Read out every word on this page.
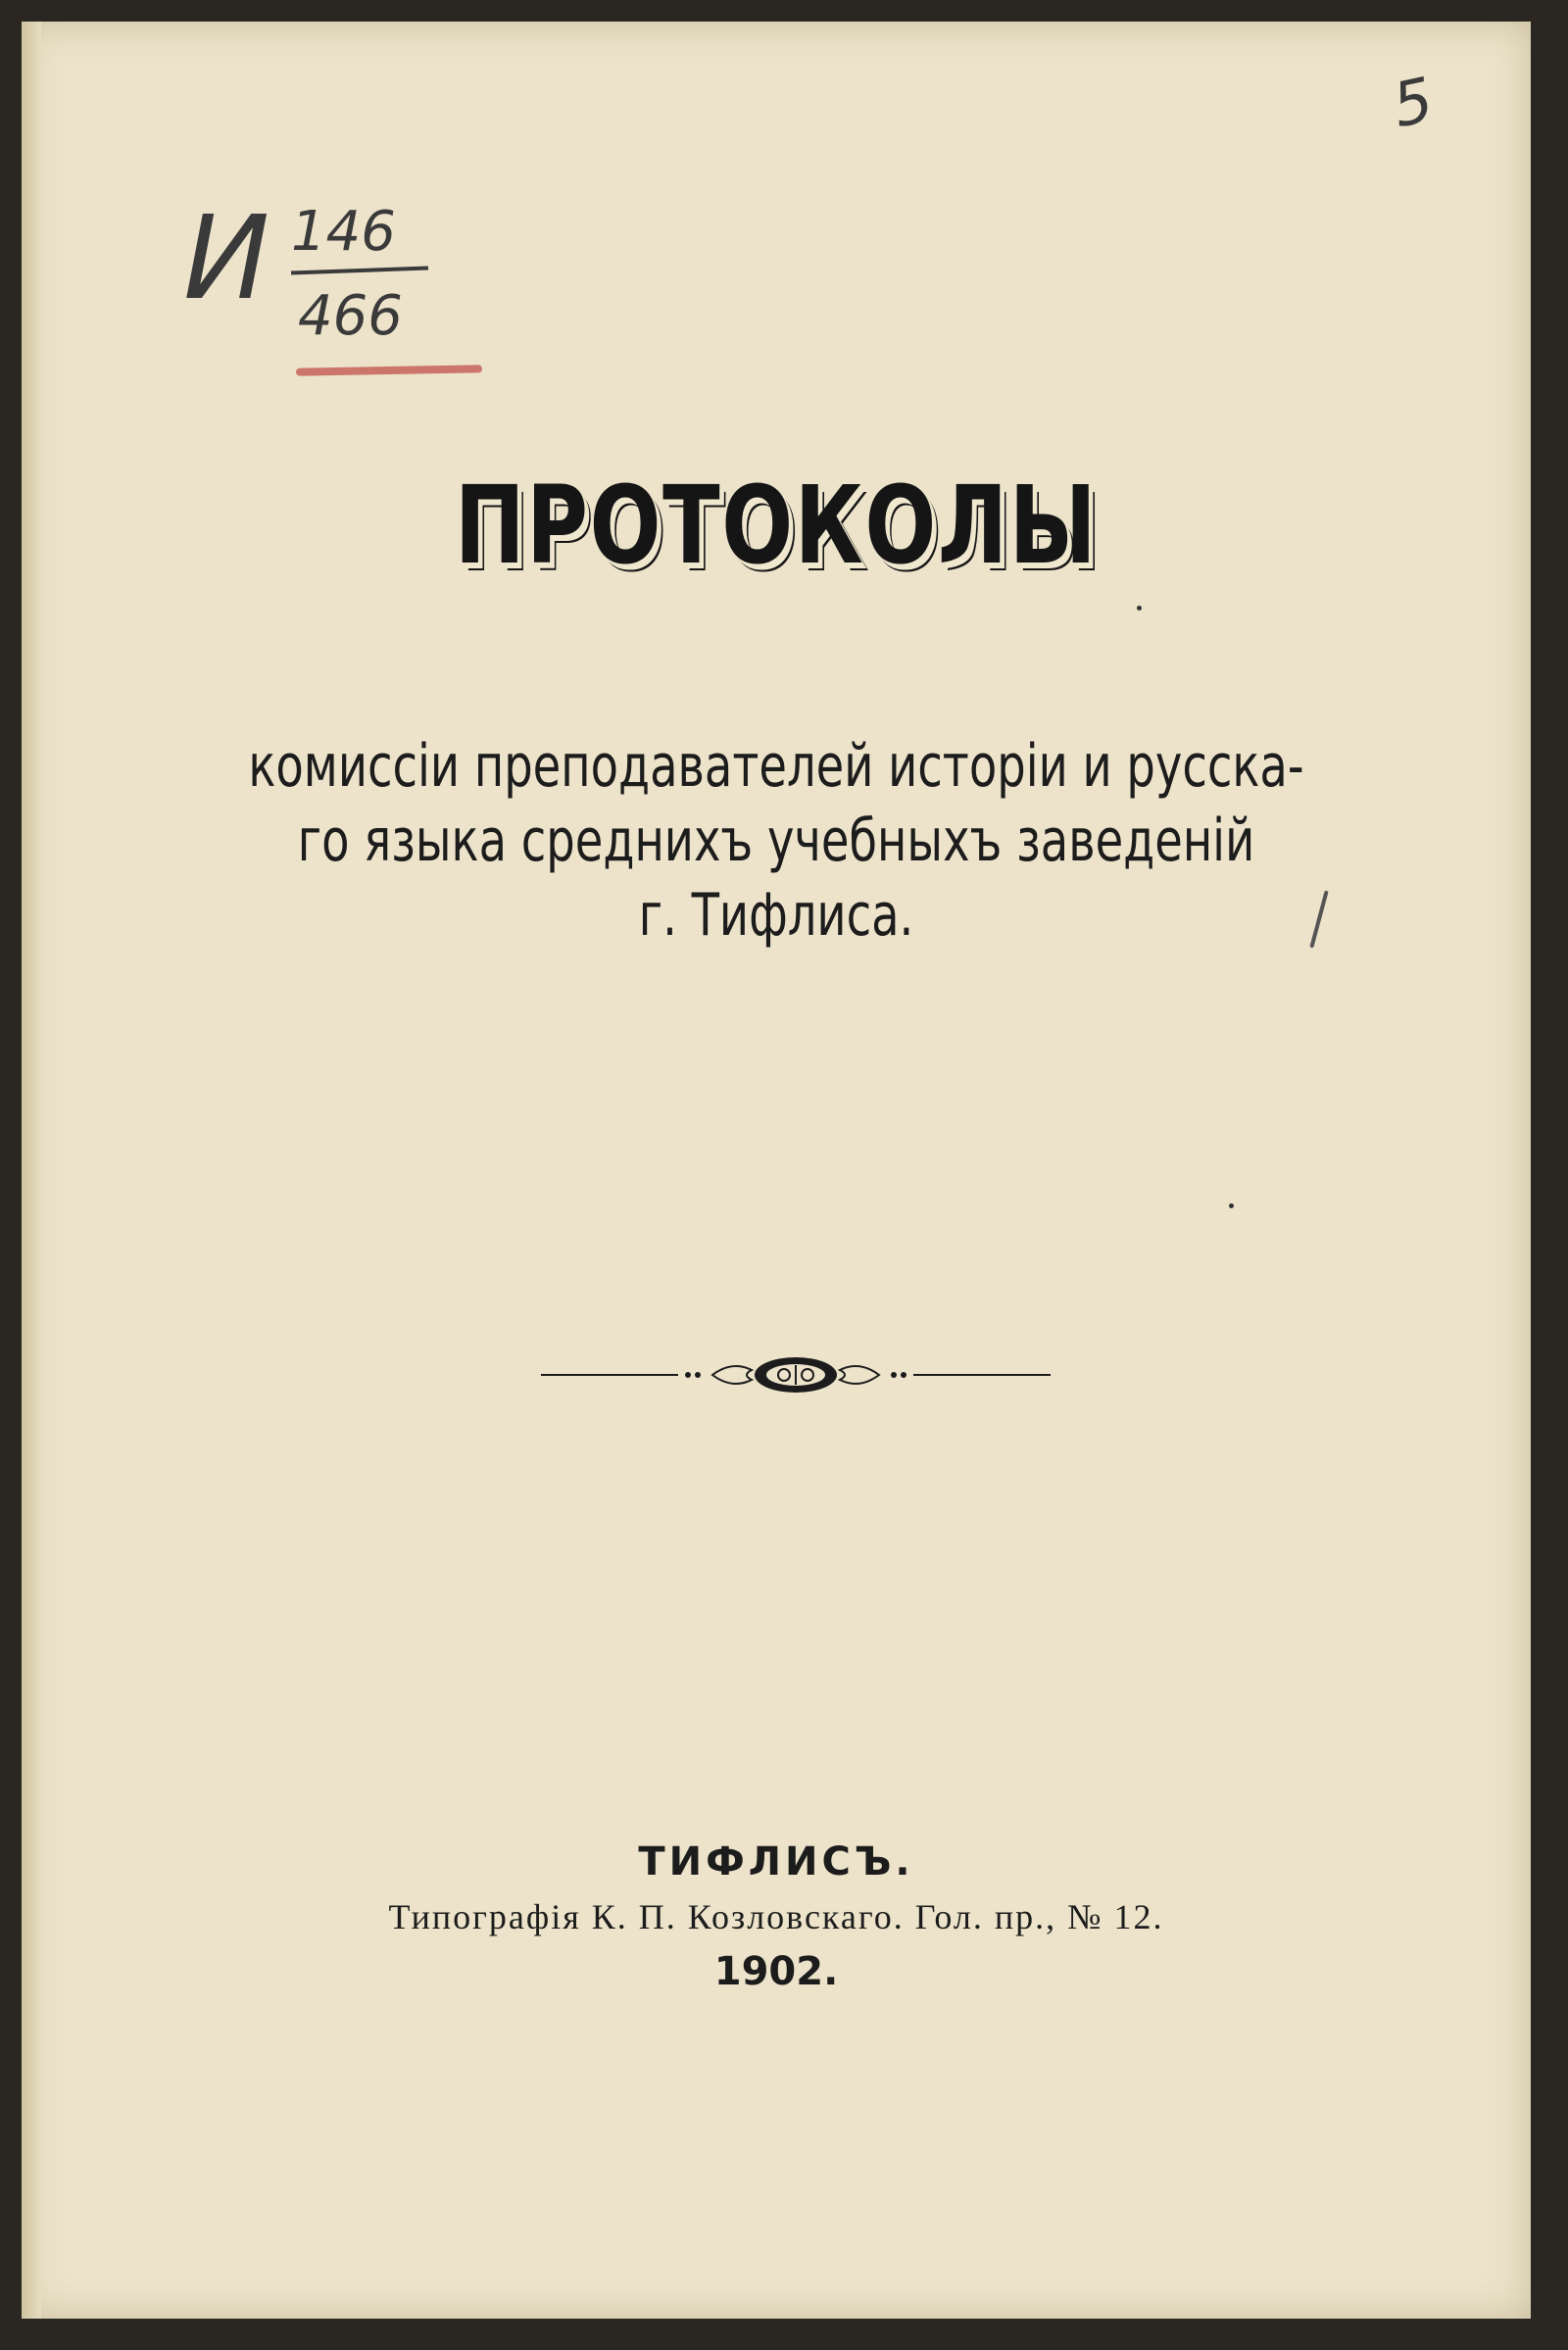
И 146
466
5
ПРОТОКОЛЫ
комиссіи преподавателей исторіи и русска-
го языка среднихъ учебныхъ заведеній
г. Тифлиса.
ТИФЛИСЪ.
Типографія К. П. Козловскаго. Гол. пр., № 12.
1902.
